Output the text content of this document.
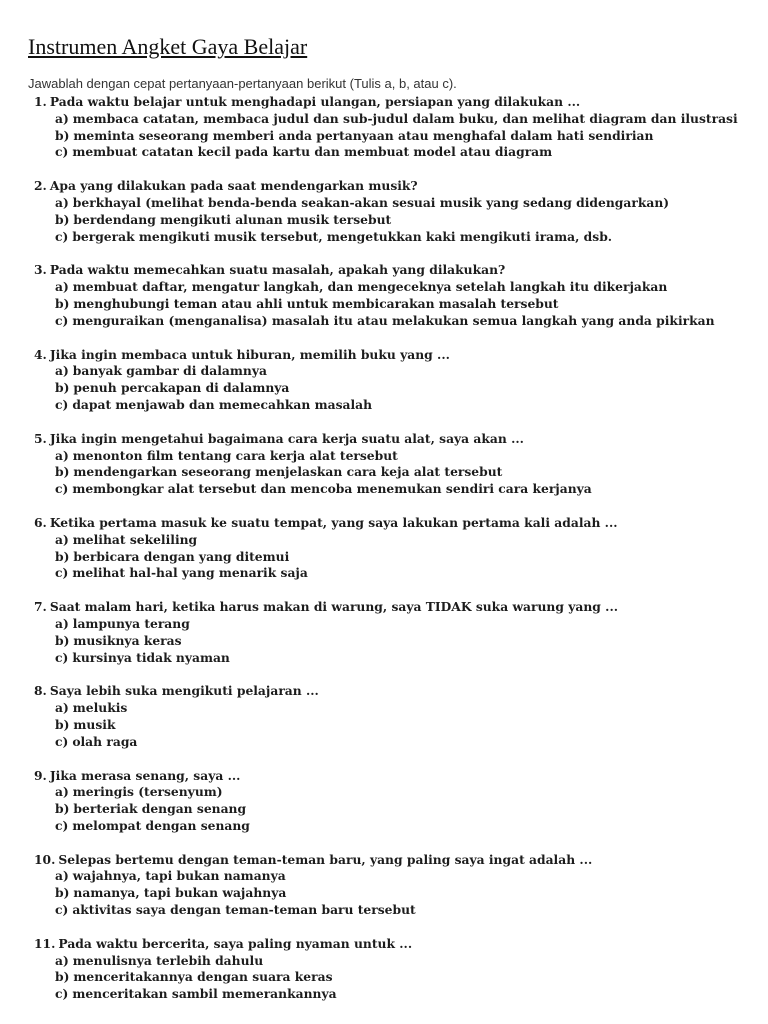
Instrumen Angket Gaya Belajar

Jawablah dengan cepat pertanyaan-pertanyaan berikut (Tulis a, b, atau c).

1. Pada waktu belajar untuk menghadapi ulangan, persiapan yang dilakukan ...
a) membaca catatan, membaca judul dan sub-judul dalam buku, dan melihat diagram dan ilustrasi
b) meminta seseorang memberi anda pertanyaan atau menghafal dalam hati sendirian
c) membuat catatan kecil pada kartu dan membuat model atau diagram
2. Apa yang dilakukan pada saat mendengarkan musik?
a) berkhayal (melihat benda-benda seakan-akan sesuai musik yang sedang didengarkan)
b) berdendang mengikuti alunan musik tersebut
c) bergerak mengikuti musik tersebut, mengetukkan kaki mengikuti irama, dsb.
3. Pada waktu memecahkan suatu masalah, apakah yang dilakukan?
a) membuat daftar, mengatur langkah, dan mengeceknya setelah langkah itu dikerjakan
b) menghubungi teman atau ahli untuk membicarakan masalah tersebut
c) menguraikan (menganalisa) masalah itu atau melakukan semua langkah yang anda pikirkan
4. Jika ingin membaca untuk hiburan, memilih buku yang ...
a) banyak gambar di dalamnya
b) penuh percakapan di dalamnya
c) dapat menjawab dan memecahkan masalah
5. Jika ingin mengetahui bagaimana cara kerja suatu alat, saya akan ...
a) menonton film tentang cara kerja alat tersebut
b) mendengarkan seseorang menjelaskan cara keja alat tersebut
c) membongkar alat tersebut dan mencoba menemukan sendiri cara kerjanya
6. Ketika pertama masuk ke suatu tempat, yang saya lakukan pertama kali adalah ...
a) melihat sekeliling
b) berbicara dengan yang ditemui
c) melihat hal-hal yang menarik saja
7. Saat malam hari, ketika harus makan di warung, saya TIDAK suka warung yang ...
a) lampunya terang
b) musiknya keras
c) kursinya tidak nyaman
8. Saya lebih suka mengikuti pelajaran ...
a) melukis
b) musik
c) olah raga
9. Jika merasa senang, saya ...
a) meringis (tersenyum)
b) berteriak dengan senang
c) melompat dengan senang
10. Selepas bertemu dengan teman-teman baru, yang paling saya ingat adalah ...
a) wajahnya, tapi bukan namanya
b) namanya, tapi bukan wajahnya
c) aktivitas saya dengan teman-teman baru tersebut
11. Pada waktu bercerita, saya paling nyaman untuk ...
a) menulisnya terlebih dahulu
b) menceritakannya dengan suara keras
c) menceritakan sambil memerankannya
